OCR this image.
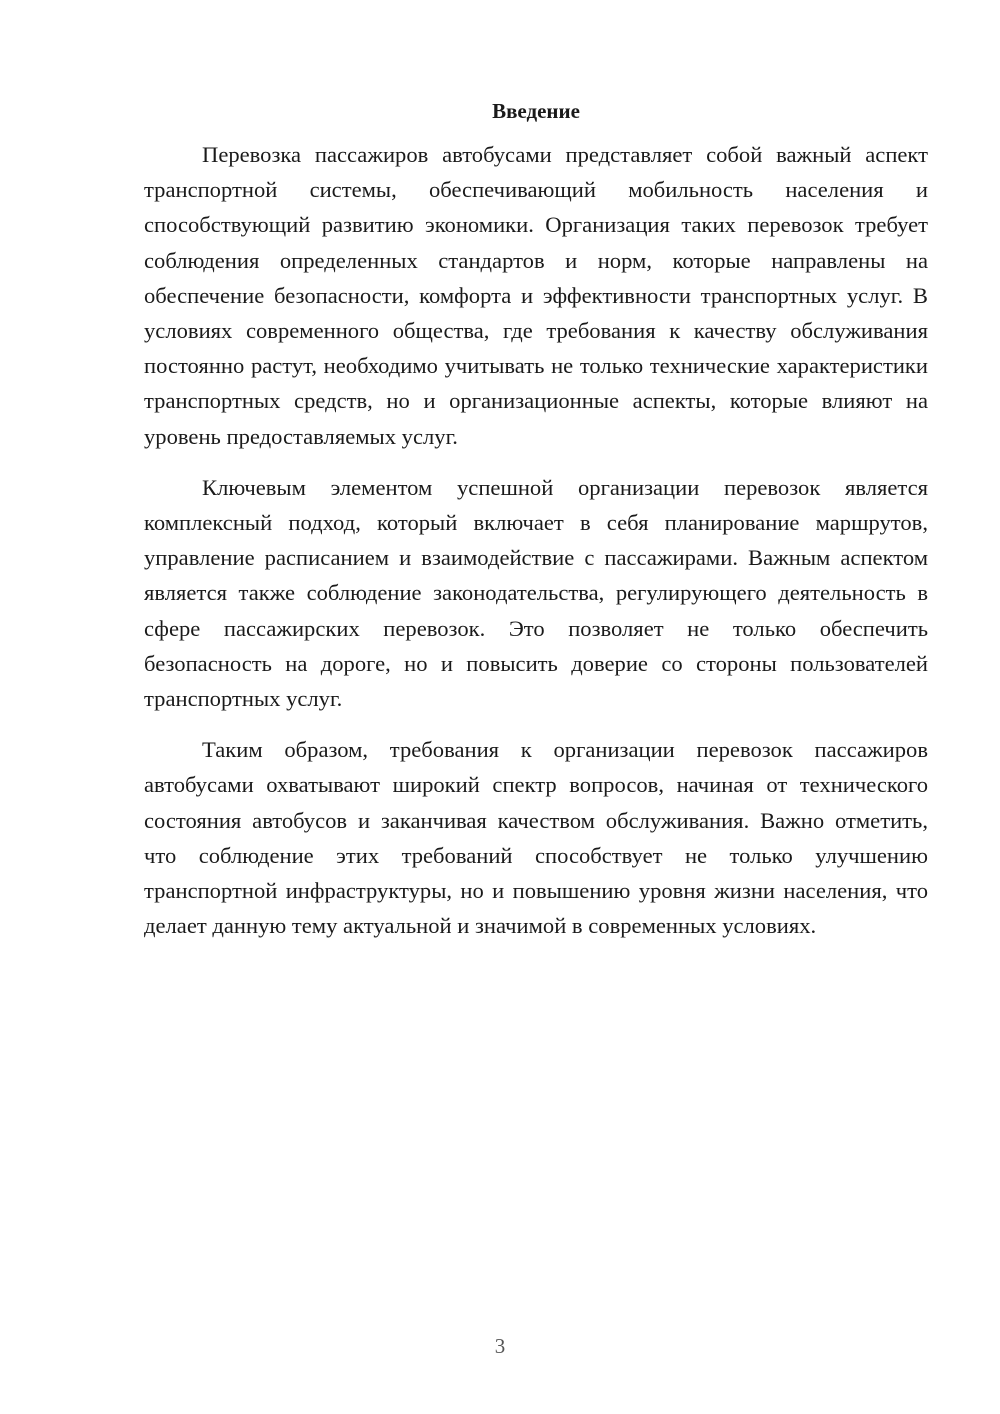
Введение

Перевозка пассажиров автобусами представляет собой важный аспект транспортной системы, обеспечивающий мобильность населения и способствующий развитию экономики. Организация таких перевозок требует соблюдения определенных стандартов и норм, которые направлены на обеспечение безопасности, комфорта и эффективности транспортных услуг. В условиях современного общества, где требования к качеству обслуживания постоянно растут, необходимо учитывать не только технические характеристики транспортных средств, но и организационные аспекты, которые влияют на уровень предоставляемых услуг.

Ключевым элементом успешной организации перевозок является комплексный подход, который включает в себя планирование маршрутов, управление расписанием и взаимодействие с пассажирами. Важным аспектом является также соблюдение законодательства, регулирующего деятельность в сфере пассажирских перевозок. Это позволяет не только обеспечить безопасность на дороге, но и повысить доверие со стороны пользователей транспортных услуг.

Таким образом, требования к организации перевозок пассажиров автобусами охватывают широкий спектр вопросов, начиная от технического состояния автобусов и заканчивая качеством обслуживания. Важно отметить, что соблюдение этих требований способствует не только улучшению транспортной инфраструктуры, но и повышению уровня жизни населения, что делает данную тему актуальной и значимой в современных условиях.

3
